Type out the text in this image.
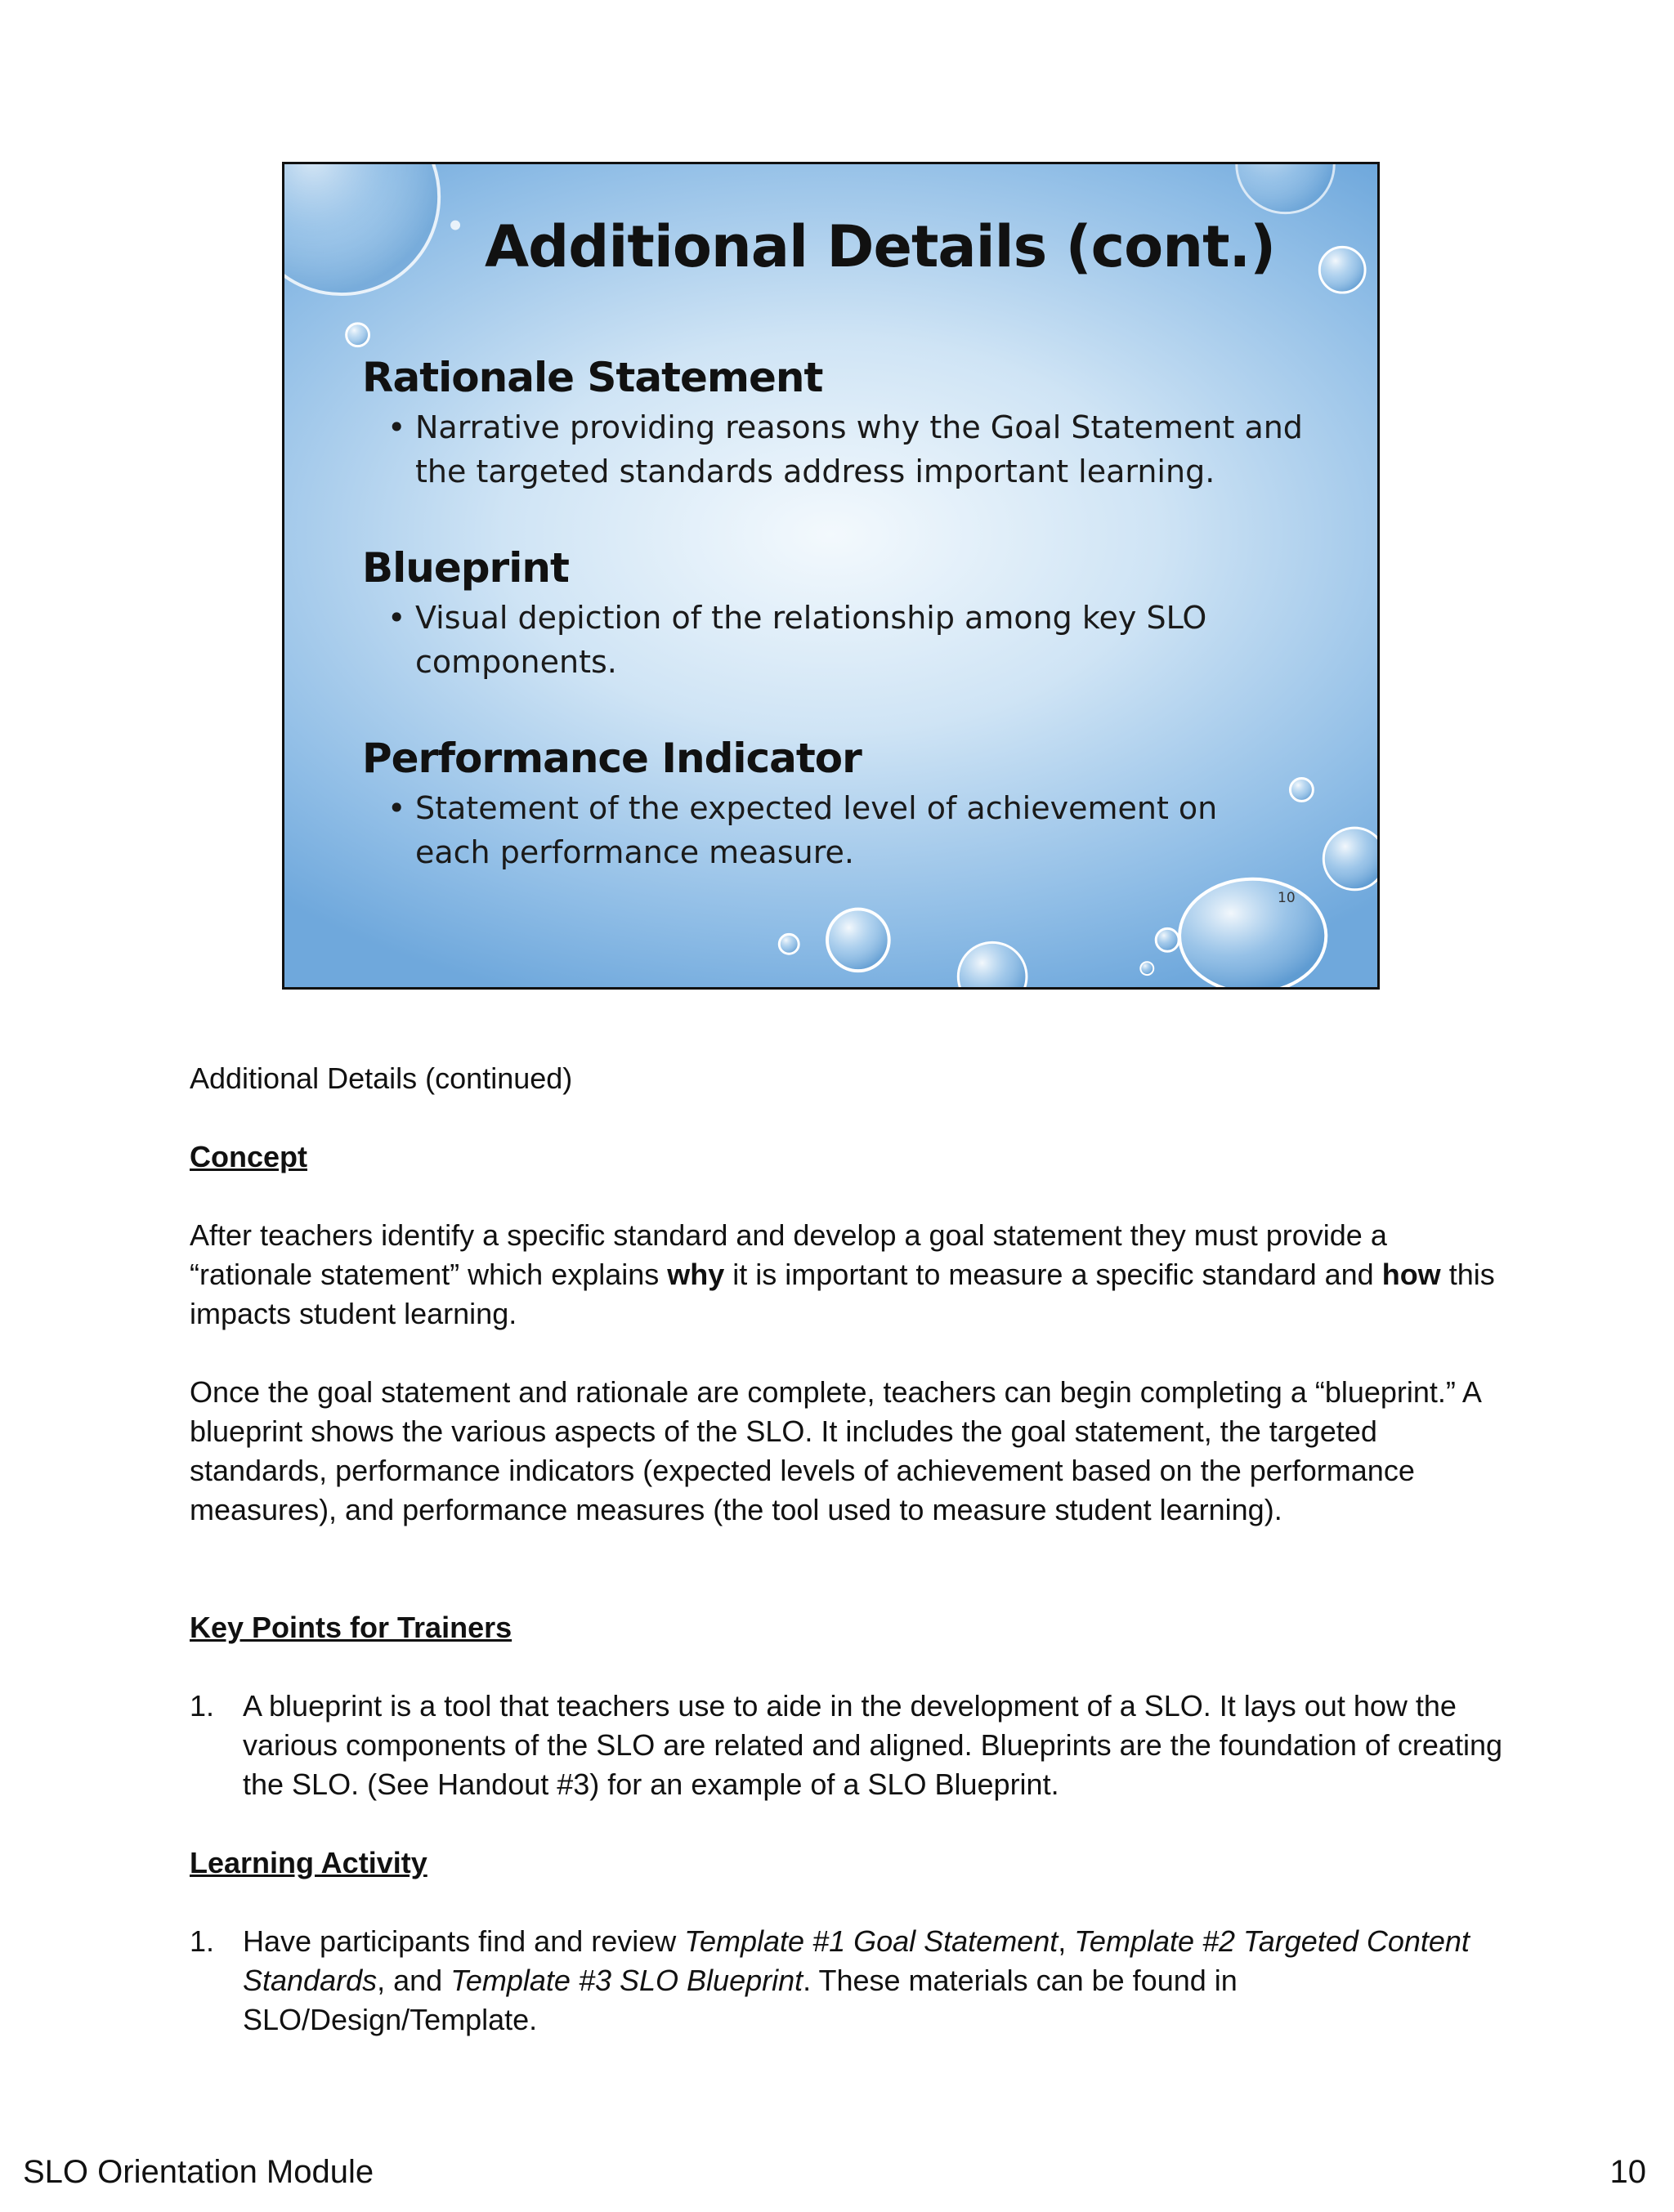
Additional Details (cont.)
Rationale Statement
• Narrative providing reasons why the Goal Statement and the targeted standards address important learning.
Blueprint
• Visual depiction of the relationship among key SLO components.
Performance Indicator
• Statement of the expected level of achievement on each performance measure.
10
Additional Details (continued)
Concept
After teachers identify a specific standard and develop a goal statement they must provide a “rationale statement” which explains why it is important to measure a specific standard and how this impacts student learning.
Once the goal statement and rationale are complete, teachers can begin completing a “blueprint.” A blueprint shows the various aspects of the SLO. It includes the goal statement, the targeted standards, performance indicators (expected levels of achievement based on the performance measures), and performance measures (the tool used to measure student learning).
Key Points for Trainers
1. A blueprint is a tool that teachers use to aide in the development of a SLO. It lays out how the various components of the SLO are related and aligned. Blueprints are the foundation of creating the SLO. (See Handout #3) for an example of a SLO Blueprint.
Learning Activity
1. Have participants find and review Template #1 Goal Statement, Template #2 Targeted Content Standards, and Template #3 SLO Blueprint. These materials can be found in SLO/Design/Template.
SLO Orientation Module	10
